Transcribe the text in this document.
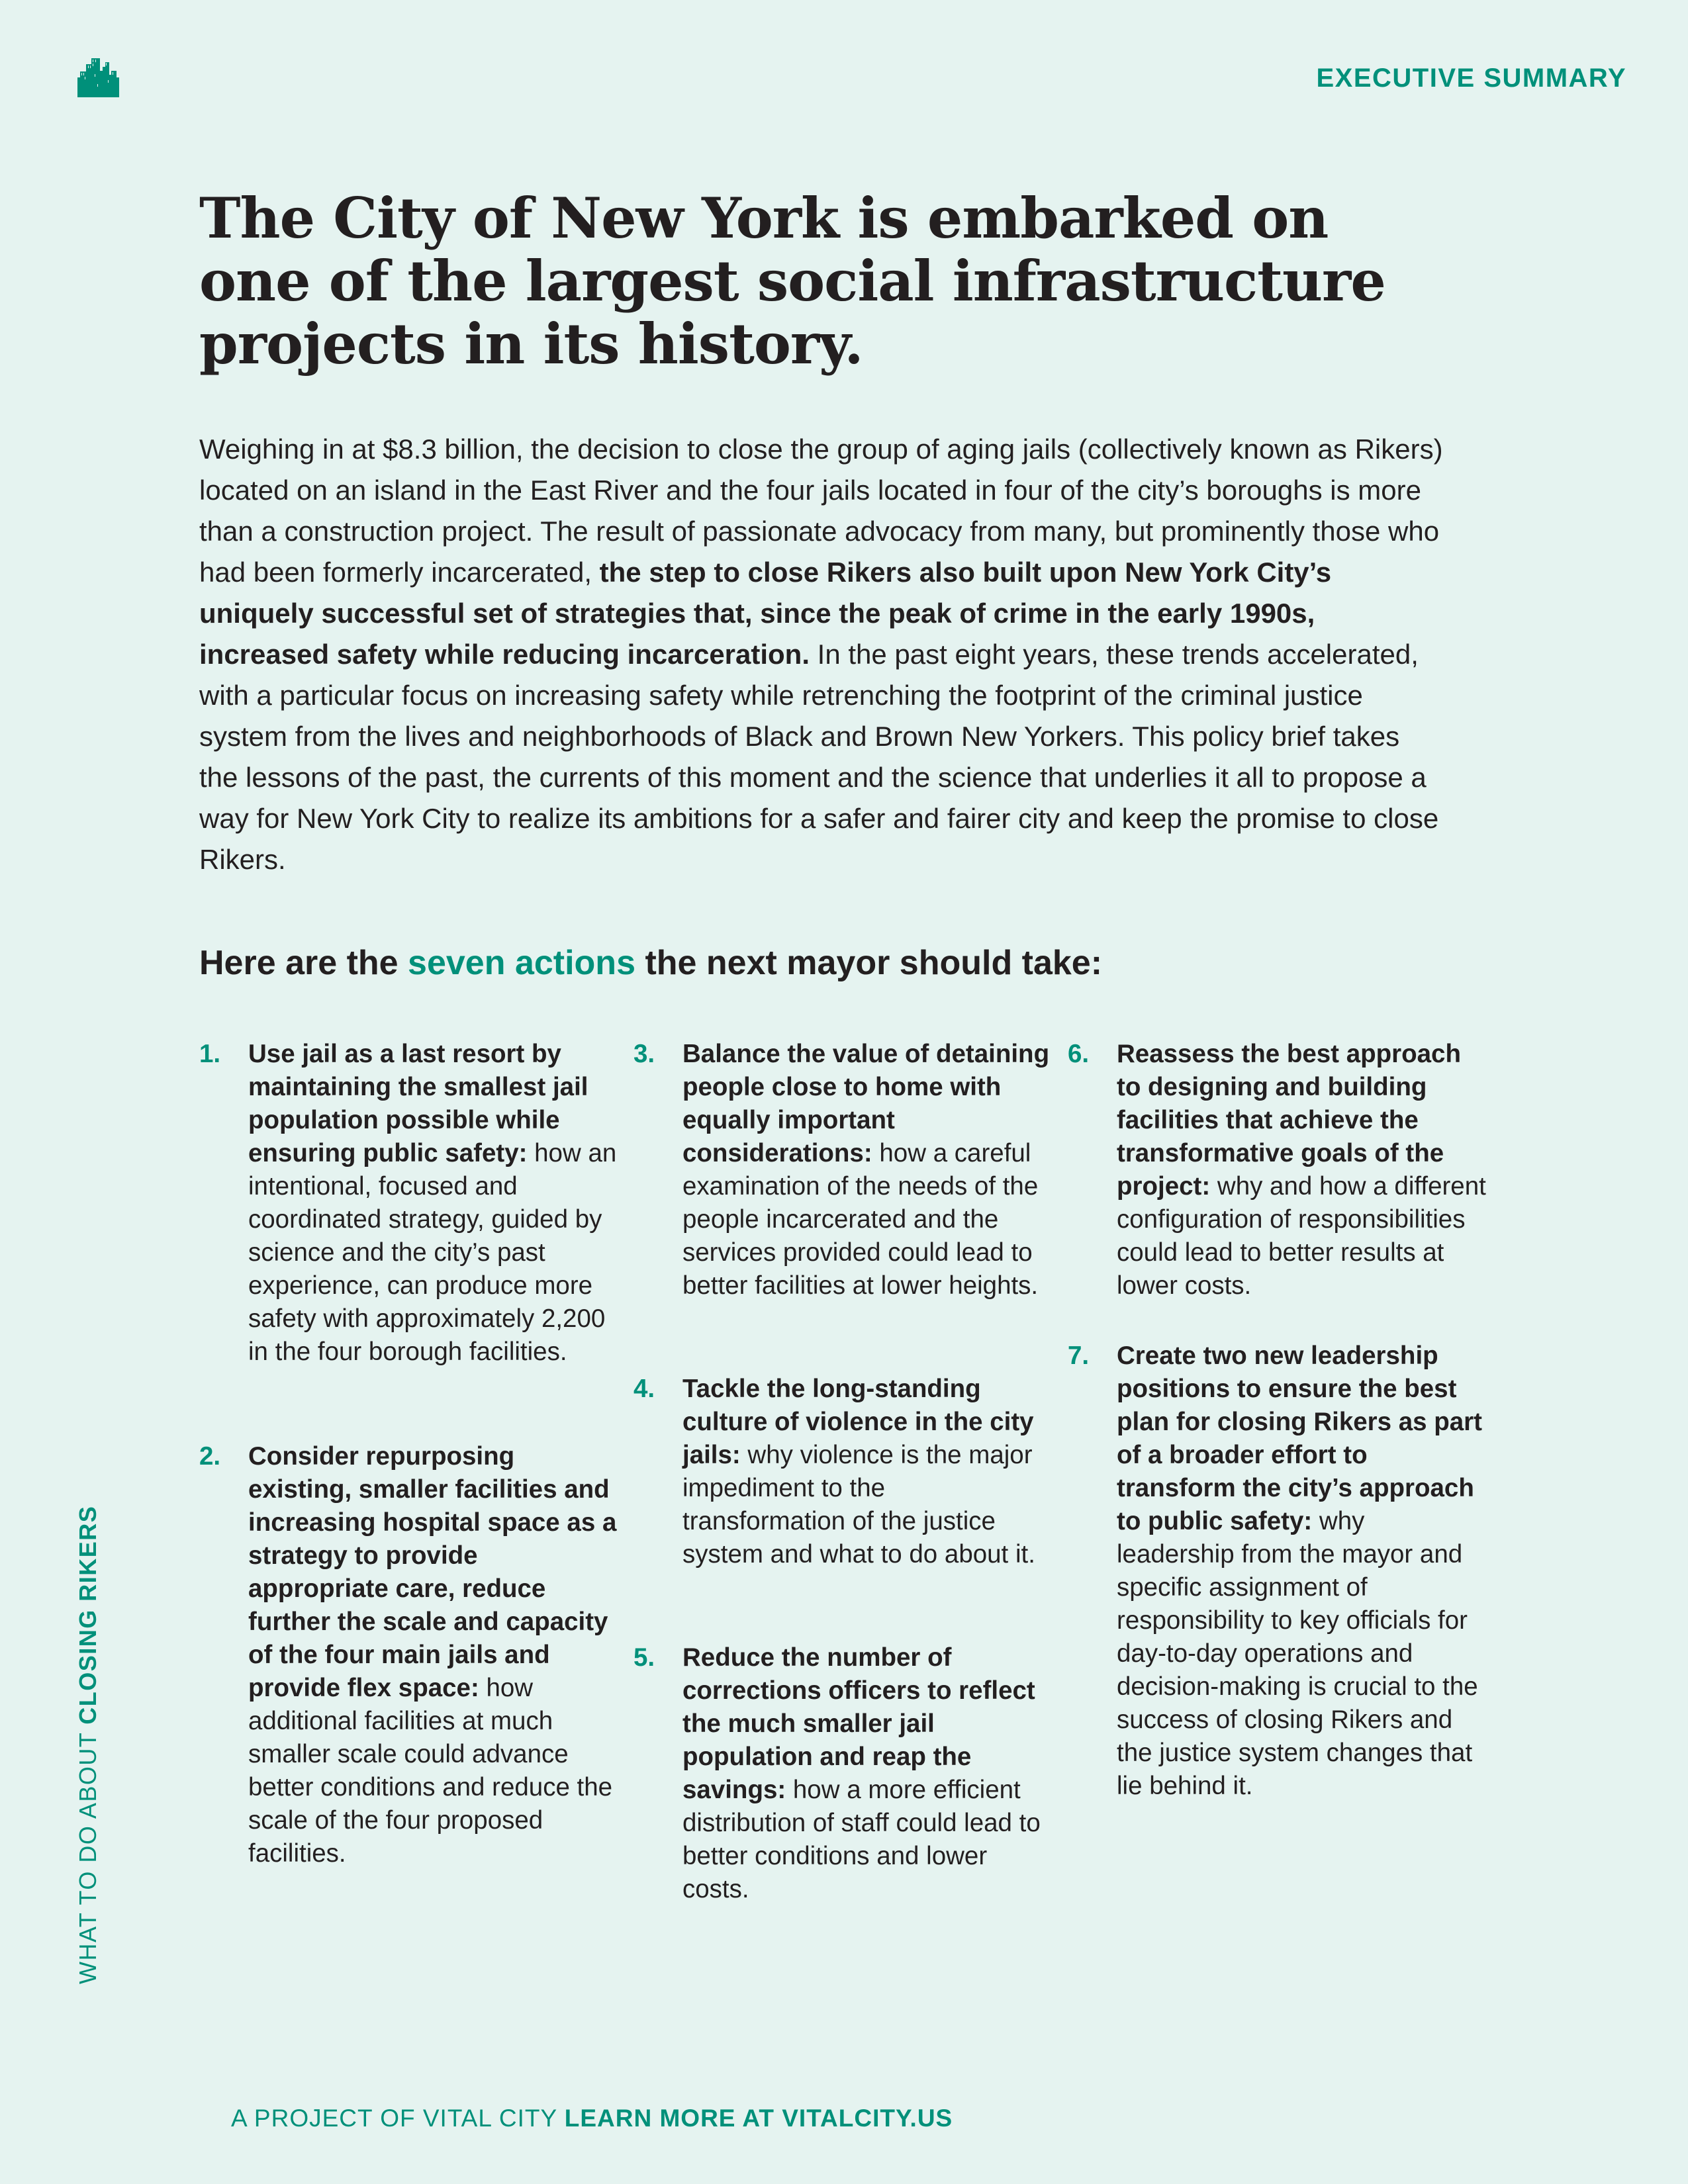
EXECUTIVE SUMMARY
The City of New York is embarked on one of the largest social infrastructure projects in its history.

Weighing in at $8.3 billion, the decision to close the group of aging jails (collectively known as Rikers) located on an island in the East River and the four jails located in four of the city’s boroughs is more than a construction project. The result of passionate advocacy from many, but prominently those who had been formerly incarcerated, the step to close Rikers also built upon New York City’s uniquely successful set of strategies that, since the peak of crime in the early 1990s, increased safety while reducing incarceration. In the past eight years, these trends accelerated, with a particular focus on increasing safety while retrenching the footprint of the criminal justice system from the lives and neighborhoods of Black and Brown New Yorkers. This policy brief takes the lessons of the past, the currents of this moment and the science that underlies it all to propose a way for New York City to realize its ambitions for a safer and fairer city and keep the promise to close Rikers.

Here are the seven actions the next mayor should take:
1. Use jail as a last resort by maintaining the smallest jail population possible while ensuring public safety: how an intentional, focused and coordinated strategy, guided by science and the city’s past experience, can produce more safety with approximately 2,200 in the four borough facilities.
2. Consider repurposing existing, smaller facilities and increasing hospital space as a strategy to provide appropriate care, reduce further the scale and capacity of the four main jails and provide flex space: how additional facilities at much smaller scale could advance better conditions and reduce the scale of the four proposed facilities.
3. Balance the value of detaining people close to home with equally important considerations: how a careful examination of the needs of the people incarcerated and the services provided could lead to better facilities at lower heights.
4. Tackle the long-standing culture of violence in the city jails: why violence is the major impediment to the transformation of the justice system and what to do about it.
5. Reduce the number of corrections officers to reflect the much smaller jail population and reap the savings: how a more efficient distribution of staff could lead to better conditions and lower costs.
6. Reassess the best approach to designing and building facilities that achieve the transformative goals of the project: why and how a different configuration of responsibilities could lead to better results at lower costs.
7. Create two new leadership positions to ensure the best plan for closing Rikers as part of a broader effort to transform the city’s approach to public safety: why leadership from the mayor and specific assignment of responsibility to key officials for day-to-day operations and decision-making is crucial to the success of closing Rikers and the justice system changes that lie behind it.
WHAT TO DO ABOUT CLOSING RIKERS
A PROJECT OF VITAL CITY LEARN MORE AT VITALCITY.US
